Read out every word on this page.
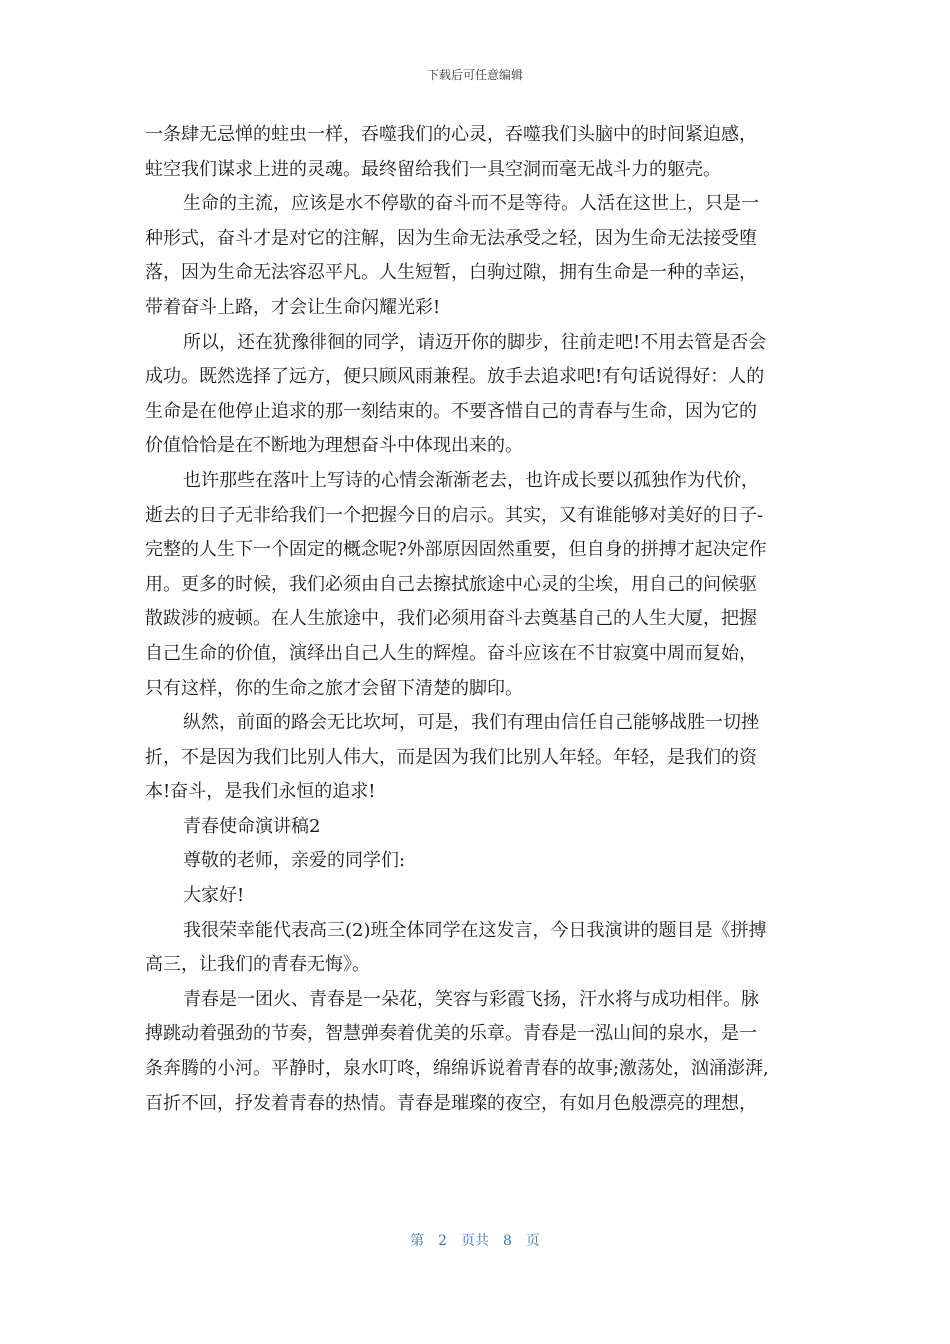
下载后可任意编辑

一条肆无忌惮的蛀虫一样，吞噬我们的心灵，吞噬我们头脑中的时间紧迫感，

蛀空我们谋求上进的灵魂。最终留给我们一具空洞而毫无战斗力的躯壳。

生命的主流，应该是水不停歇的奋斗而不是等待。人活在这世上，只是一

种形式，奋斗才是对它的注解，因为生命无法承受之轻，因为生命无法接受堕

落，因为生命无法容忍平凡。人生短暂，白驹过隙，拥有生命是一种的幸运，

带着奋斗上路，才会让生命闪耀光彩!

所以，还在犹豫徘徊的同学，请迈开你的脚步，往前走吧!不用去管是否会

成功。既然选择了远方，便只顾风雨兼程。放手去追求吧!有句话说得好：人的

生命是在他停止追求的那一刻结束的。不要吝惜自己的青春与生命，因为它的

价值恰恰是在不断地为理想奋斗中体现出来的。

也许那些在落叶上写诗的心情会渐渐老去，也许成长要以孤独作为代价，

逝去的日子无非给我们一个把握今日的启示。其实，又有谁能够对美好的日子-

完整的人生下一个固定的概念呢?外部原因固然重要，但自身的拼搏才起决定作

用。更多的时候，我们必须由自己去擦拭旅途中心灵的尘埃，用自己的问候驱

散跋涉的疲顿。在人生旅途中，我们必须用奋斗去奠基自己的人生大厦，把握

自己生命的价值，演绎出自己人生的辉煌。奋斗应该在不甘寂寞中周而复始，

只有这样，你的生命之旅才会留下清楚的脚印。

纵然，前面的路会无比坎坷，可是，我们有理由信任自己能够战胜一切挫

折，不是因为我们比别人伟大，而是因为我们比别人年轻。年轻，是我们的资

本!奋斗，是我们永恒的追求!

青春使命演讲稿2

尊敬的老师，亲爱的同学们:

大家好!

我很荣幸能代表高三(2)班全体同学在这发言，今日我演讲的题目是《拼搏

高三，让我们的青春无悔》。

青春是一团火、青春是一朵花，笑容与彩霞飞扬，汗水将与成功相伴。脉

搏跳动着强劲的节奏，智慧弹奏着优美的乐章。青春是一泓山间的泉水，是一

条奔腾的小河。平静时，泉水叮咚，绵绵诉说着青春的故事;激荡处，汹涌澎湃,

百折不回，抒发着青春的热情。青春是璀璨的夜空，有如月色般漂亮的理想，

第 2 页共 8 页
